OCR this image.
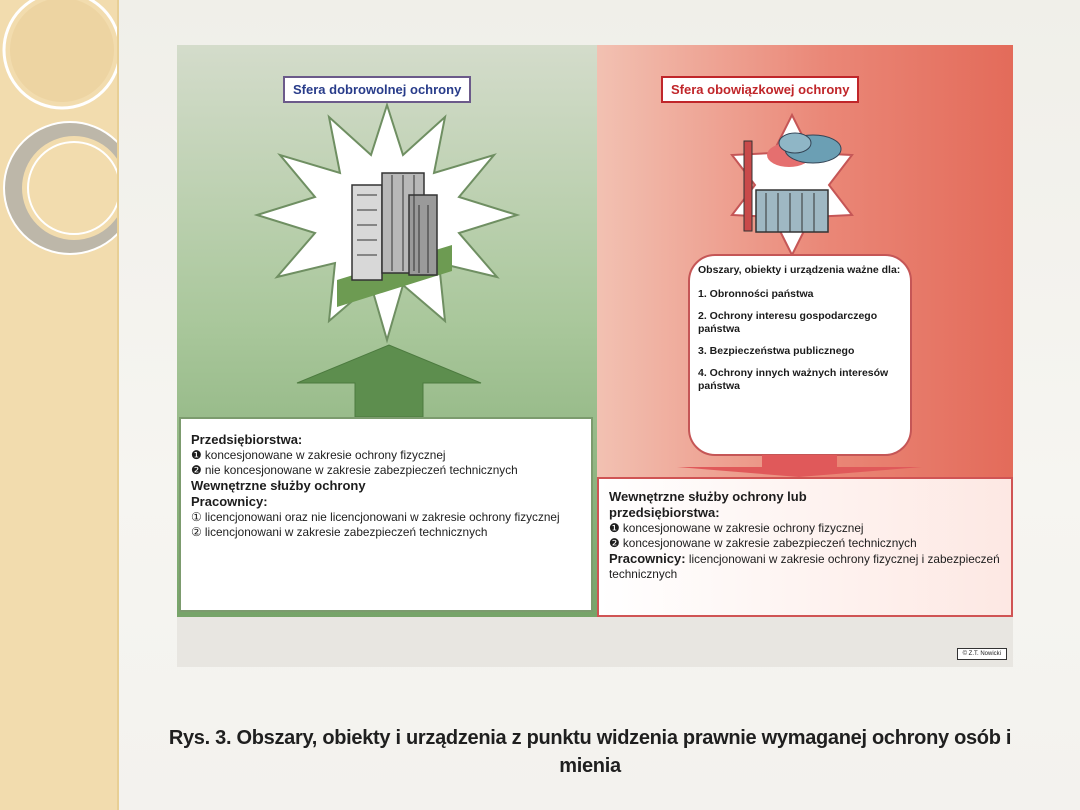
Sfera dobrowolnej ochrony	Sfera obowiązkowej ochrony

Obszary, obiekty i urządzenia ważne dla:

1. Obronności państwa

2. Ochrony interesu gospodarczego państwa

3. Bezpieczeństwa publicznego

4. Ochrony innych ważnych interesów państwa

Przedsiębiorstwa:
❶ koncesjonowane w zakresie ochrony fizycznej
❷ nie koncesjonowane w zakresie zabezpieczeń technicznych
Wewnętrzne służby ochrony
Pracownicy:
① licencjonowani oraz nie licencjonowani w zakresie ochrony fizycznej
② licencjonowani w zakresie zabezpieczeń technicznych
Wewnętrzne służby ochrony lub przedsiębiorstwa:
❶ koncesjonowane w zakresie ochrony fizycznej
❷ koncesjonowane w zakresie zabezpieczeń technicznych
Pracownicy: licencjonowani w zakresie ochrony fizycznej i zabezpieczeń technicznych
© Z.T. Nowicki
Rys. 3. Obszary, obiekty i urządzenia z punktu widzenia prawnie wymaganej ochrony osób i mienia
